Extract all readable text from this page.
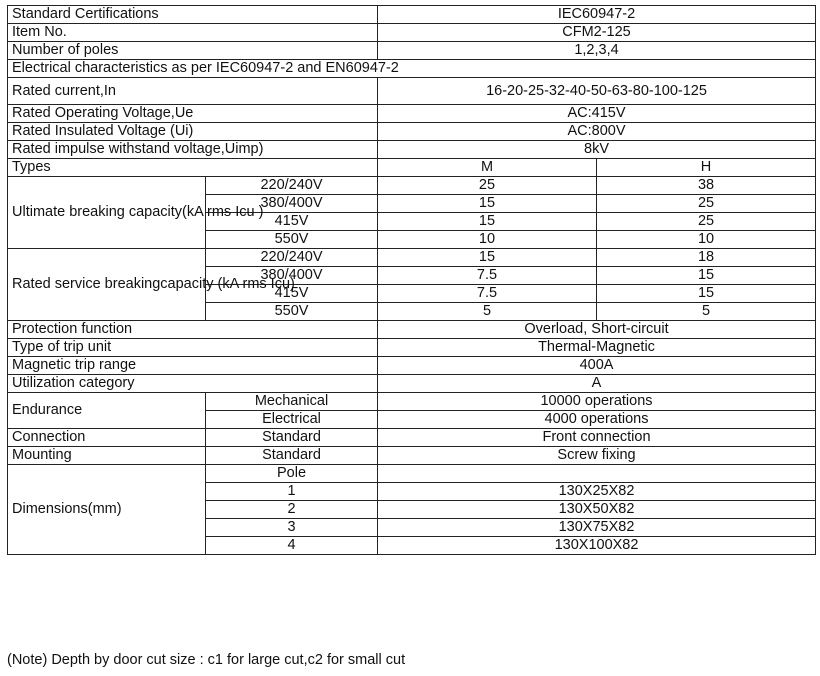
Standard Certifications		IEC60947-2	
Item No.		CFM2-125	
Number of poles		1,2,3,4	
Electrical characteristics as per IEC60947-2 and EN60947-2			
Rated current,In		16-20-25-32-40-50-63-80-100-125	
Rated Operating Voltage,Ue		AC:415V	
Rated Insulated Voltage (Ui)		AC:800V	
Rated impulse withstand voltage,Uimp)		8kV	
Types		M	H
Ultimate breaking capacity(kA rms Icu )	220/240V	25	38
	380/400V	15	25
	415V	15	25
	550V	10	10
Rated service breakingcapacity (kA rms Icu)	220/240V	15	18
	380/400V	7.5	15
	415V	7.5	15
	550V	5	5
Protection function		Overload, Short-circuit	
Type of trip unit		Thermal-Magnetic	
Magnetic trip range		400A	
Utilization category		A	
Endurance	Mechanical	10000 operations	
	Electrical	4000 operations	
Connection	Standard	Front connection	
Mounting	Standard	Screw fixing	
Dimensions(mm)	Pole		
	1	130X25X82	
	2	130X50X82	
	3	130X75X82	
	4	130X100X82	
(Note) Depth by door cut size : c1 for large cut,c2 for small cut
